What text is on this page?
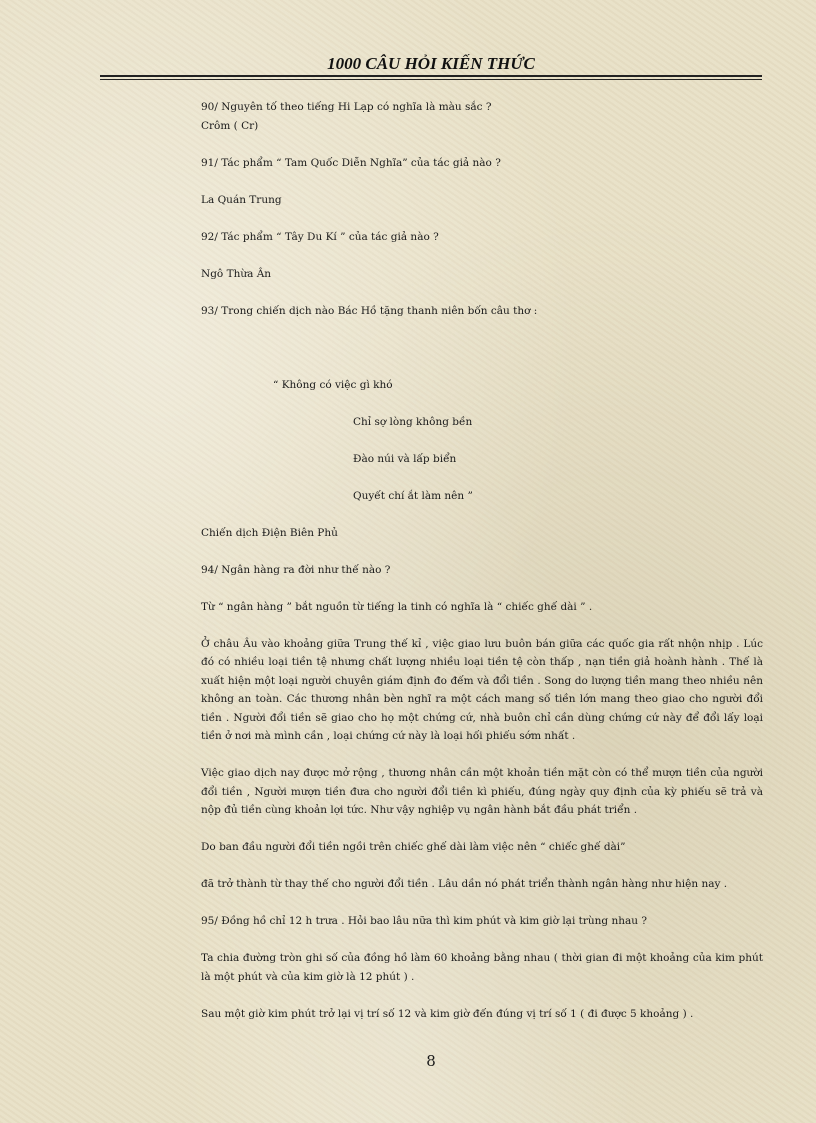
1000 CÂU HỎI KIẾN THỨC

90/ Nguyên tố theo tiếng Hi Lạp có nghĩa là màu sắc ?

Crôm ( Cr)

91/ Tác phẩm “ Tam Quốc Diễn Nghĩa” của tác giả nào ?

La Quán Trung

92/ Tác phẩm “ Tây Du Kí ” của tác giả nào ?

Ngô Thừa Ân

93/ Trong chiến dịch nào Bác Hồ tặng thanh niên bốn câu thơ :

“ Không có việc gì khó

Chỉ sợ lòng không bền

Đào núi và lấp biển

Quyết chí ắt làm nên ”

Chiến dịch Điện Biên Phủ

94/ Ngân hàng ra đời như thế nào ?

Từ “ ngân hàng ” bắt nguồn từ tiếng la tinh có nghĩa là “ chiếc ghế dài ” .

Ở châu Âu vào khoảng giữa Trung thế kỉ , việc giao lưu buôn bán giữa các quốc gia rất nhộn nhịp . Lúc đó có nhiều loại tiền tệ nhưng chất lượng nhiều loại tiền tệ còn thấp , nạn tiền giả hoành hành . Thế là xuất hiện một loại người chuyên giám định đo đếm và đổi tiền . Song do lượng tiền mang theo nhiều nên không an toàn. Các thương nhân bèn nghĩ ra một cách mang số tiền lớn mang theo giao cho người đổi tiền . Người đổi tiền sẽ giao cho họ một chứng cứ, nhà buôn chỉ cần dùng chứng cứ này để đổi lấy loại tiền ở nơi mà mình cần , loại chứng cứ này là loại hối phiếu sớm nhất .

Việc giao dịch nay được mở rộng , thương nhân cần một khoản tiền mặt còn có thể mượn tiền của người đổi tiền , Người mượn tiền đưa cho người đổi tiền kì phiếu, đúng ngày quy định của kỳ phiếu sẽ trả và nộp đủ tiền cùng khoản lợi tức. Như vậy nghiệp vụ ngân hành bắt đầu phát triển .

Do ban đầu người đổi tiền ngồi trên chiếc ghế dài làm việc nên “ chiếc ghế dài”

đã trở thành từ thay thế cho người đổi tiền . Lâu dần nó phát triển thành ngân hàng như hiện nay .

95/ Đồng hồ chỉ 12 h trưa . Hỏi bao lâu nữa thì kim phút và kim giờ lại trùng nhau ?

Ta chia đường tròn ghi số của đồng hồ làm 60 khoảng bằng nhau ( thời gian đi một khoảng của kim phút là một phút và của kim giờ là 12 phút ) .

Sau một giờ kim phút trở lại vị trí số 12 và kim giờ đến đúng vị trí số 1 ( đi được 5 khoảng ) .

8
